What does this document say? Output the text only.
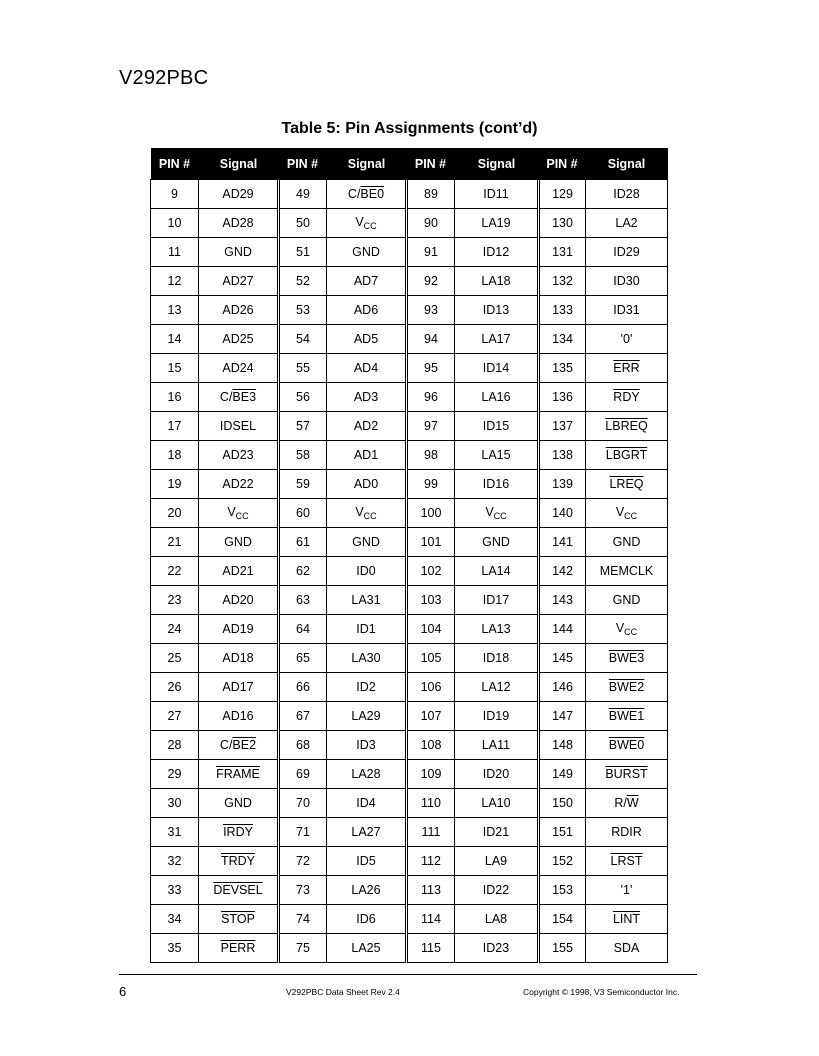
V292PBC
Table 5: Pin Assignments (cont’d)
PIN #	Signal	PIN #	Signal	PIN #	Signal	PIN #	Signal
9	AD29	49	C/BE0	89	ID11	129	ID28
10	AD28	50	$V_{CC}$	90	LA19	130	LA2
11	GND	51	GND	91	ID12	131	ID29
12	AD27	52	AD7	92	LA18	132	ID30
13	AD26	53	AD6	93	ID13	133	ID31
14	AD25	54	AD5	94	LA17	134	'0'
15	AD24	55	AD4	95	ID14	135	$\overline{ERR}$
16	C/BE3	56	AD3	96	LA16	136	$\overline{RDY}$
17	IDSEL	57	AD2	97	ID15	137	LBREQ
18	AD23	58	AD1	98	LA15	138	LBGRT
19	AD22	59	AD0	99	ID16	139	LREQ
20	$V_{CC}$	60	$V_{CC}$	100	$V_{CC}$	140	$V_{CC}$
21	GND	61	GND	101	GND	141	GND
22	AD21	62	ID0	102	LA14	142	MEMCLK
23	AD20	63	LA31	103	ID17	143	GND
24	AD19	64	ID1	104	LA13	144	$V_{CC}$
25	AD18	65	LA30	105	ID18	145	BWE3
26	AD17	66	ID2	106	LA12	146	BWE2
27	AD16	67	LA29	107	ID19	147	BWE1
28	C/BE2	68	ID3	108	LA11	148	BWE0
29	FRAME	69	LA28	109	ID20	149	BURST
30	GND	70	ID4	110	LA10	150	$R/\overline{W}$
31	IRDY	71	LA27	111	ID21	151	RDIR
32	TRDY	72	ID5	112	LA9	152	LRST
33	DEVSEL	73	LA26	113	ID22	153	'1'
34	STOP	74	ID6	114	LA8	154	LINT
35	PERR	75	LA25	115	ID23	155	SDA
6	V292PBC Data Sheet Rev 2.4	Copyright © 1998, V3 Semiconductor Inc.
